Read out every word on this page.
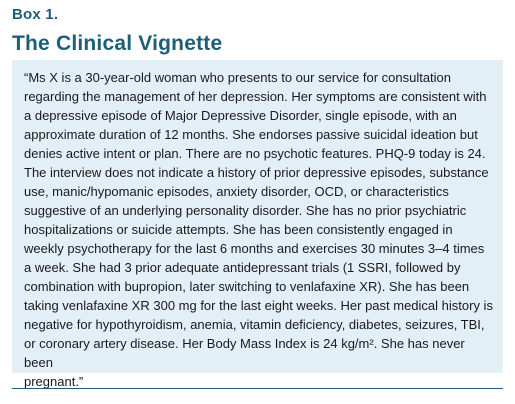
Box 1.
The Clinical Vignette

“Ms X is a 30-year-old woman who presents to our service for consultation
regarding the management of her depression. Her symptoms are consistent with
a depressive episode of Major Depressive Disorder, single episode, with an
approximate duration of 12 months. She endorses passive suicidal ideation but
denies active intent or plan. There are no psychotic features. PHQ-9 today is 24.
The interview does not indicate a history of prior depressive episodes, substance
use, manic/hypomanic episodes, anxiety disorder, OCD, or characteristics
suggestive of an underlying personality disorder. She has no prior psychiatric
hospitalizations or suicide attempts. She has been consistently engaged in
weekly psychotherapy for the last 6 months and exercises 30 minutes 3–4 times
a week. She had 3 prior adequate antidepressant trials (1 SSRI, followed by
combination with bupropion, later switching to venlafaxine XR). She has been
taking venlafaxine XR 300 mg for the last eight weeks. Her past medical history is
negative for hypothyroidism, anemia, vitamin deficiency, diabetes, seizures, TBI,
or coronary artery disease. Her Body Mass Index is 24 kg/m². She has never been
pregnant.”
